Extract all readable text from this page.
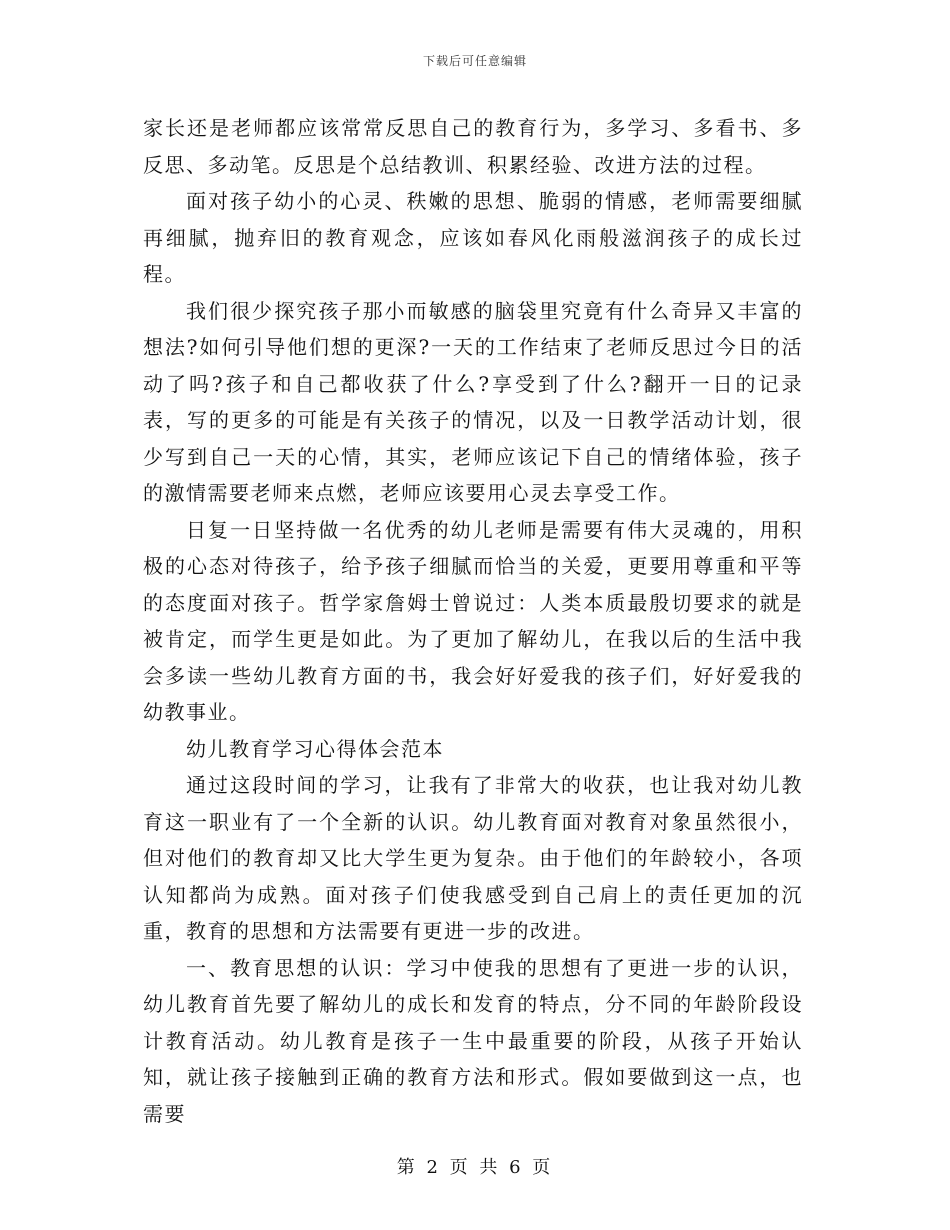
下载后可任意编辑

家长还是老师都应该常常反思自己的教育行为，多学习、多看书、多反思、多动笔。反思是个总结教训、积累经验、改进方法的过程。

面对孩子幼小的心灵、秩嫩的思想、脆弱的情感，老师需要细腻再细腻，抛弃旧的教育观念，应该如春风化雨般滋润孩子的成长过程。

我们很少探究孩子那小而敏感的脑袋里究竟有什么奇异又丰富的想法?如何引导他们想的更深?一天的工作结束了老师反思过今日的活动了吗?孩子和自己都收获了什么?享受到了什么?翻开一日的记录表，写的更多的可能是有关孩子的情况，以及一日教学活动计划，很少写到自己一天的心情，其实，老师应该记下自己的情绪体验，孩子的激情需要老师来点燃，老师应该要用心灵去享受工作。

日复一日坚持做一名优秀的幼儿老师是需要有伟大灵魂的，用积极的心态对待孩子，给予孩子细腻而恰当的关爱，更要用尊重和平等的态度面对孩子。哲学家詹姆士曾说过：人类本质最殷切要求的就是被肯定，而学生更是如此。为了更加了解幼儿，在我以后的生活中我会多读一些幼儿教育方面的书，我会好好爱我的孩子们，好好爱我的幼教事业。

幼儿教育学习心得体会范本

通过这段时间的学习，让我有了非常大的收获，也让我对幼儿教育这一职业有了一个全新的认识。幼儿教育面对教育对象虽然很小，但对他们的教育却又比大学生更为复杂。由于他们的年龄较小，各项认知都尚为成熟。面对孩子们使我感受到自己肩上的责任更加的沉重，教育的思想和方法需要有更进一步的改进。

一、教育思想的认识：学习中使我的思想有了更进一步的认识，幼儿教育首先要了解幼儿的成长和发育的特点，分不同的年龄阶段设计教育活动。幼儿教育是孩子一生中最重要的阶段，从孩子开始认知，就让孩子接触到正确的教育方法和形式。假如要做到这一点，也需要

第 2 页 共 6 页
